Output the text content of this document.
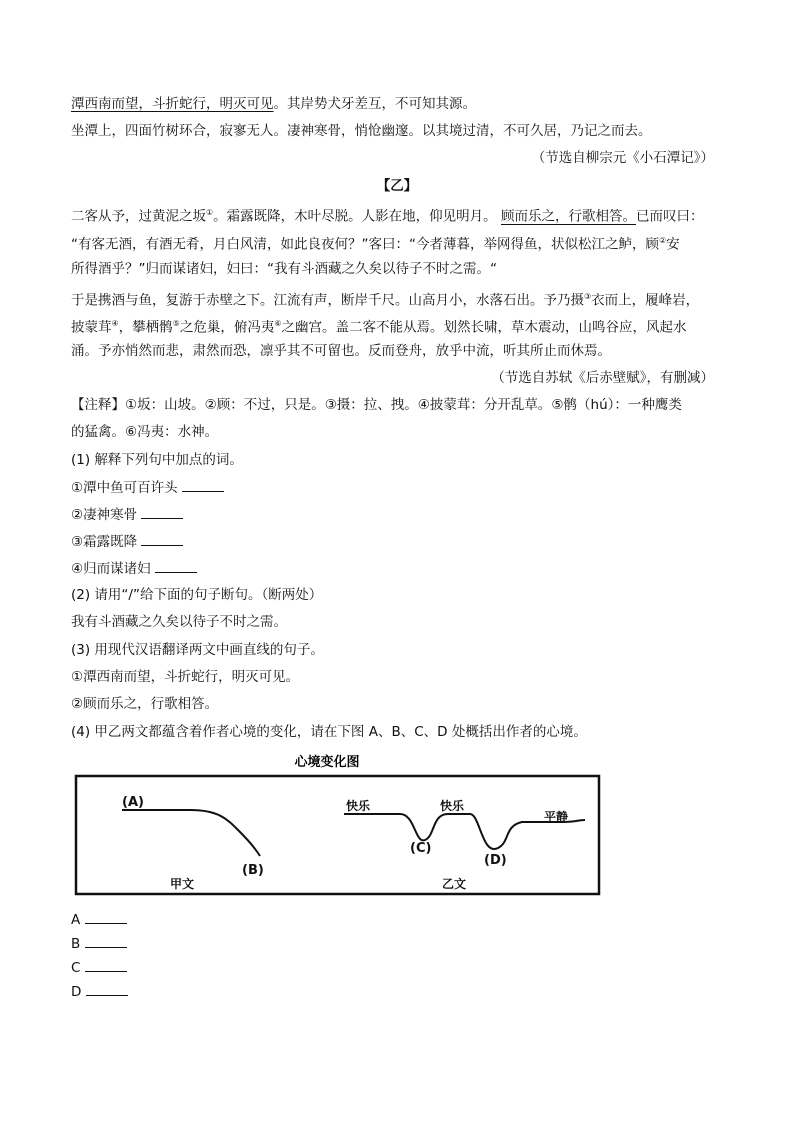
潭西南而望，斗折蛇行，明灭可见。其岸势犬牙差互，不可知其源。
坐潭上，四面竹树环合，寂寥无人。凄神寒骨，悄怆幽邃。以其境过清，不可久居，乃记之而去。
（节选自柳宗元《小石潭记》）
【乙】
二客从予，过黄泥之坂①。霜露既降，木叶尽脱。人影在地，仰见明月。 顾而乐之，行歌相答。已而叹曰：
“有客无酒，有酒无肴，月白风清，如此良夜何？”客曰：“今者薄暮，举网得鱼，状似松江之鲈，顾②安
所得酒乎？”归而谋诸妇，妇曰：“我有斗酒藏之久矣以待子不时之需。“
于是携酒与鱼，复游于赤壁之下。江流有声，断岸千尺。山高月小，水落石出。予乃摄③衣而上，履峰岩，
披蒙茸④，攀栖鹘⑤之危巢，俯冯夷⑥之幽宫。盖二客不能从焉。划然长啸，草木震动，山鸣谷应，风起水
涌。予亦悄然而悲，肃然而恐，凛乎其不可留也。反而登舟，放乎中流，听其所止而休焉。
（节选自苏轼《后赤壁赋》，有删减）
【注释】①坂：山坡。②顾：不过，只是。③摄：拉、拽。④披蒙茸：分开乱草。⑤鹘（hú）：一种鹰类
的猛禽。⑥冯夷：水神。
(1) 解释下列句中加点的词。
①潭中鱼可百许头
②凄神寒骨
③霜露既降
④归而谋诸妇
(2) 请用“/”给下面的句子断句。（断两处）
我有斗酒藏之久矣以待子不时之需。
(3) 用现代汉语翻译两文中画直线的句子。
①潭西南而望，斗折蛇行，明灭可见。
②顾而乐之，行歌相答。
(4) 甲乙两文都蕴含着作者心境的变化，请在下图 A、B、C、D 处概括出作者的心境。
心境变化图
(A)
(B)
(C)
(D)
快乐	快乐
平静
甲文	乙文
A
B
C
D
